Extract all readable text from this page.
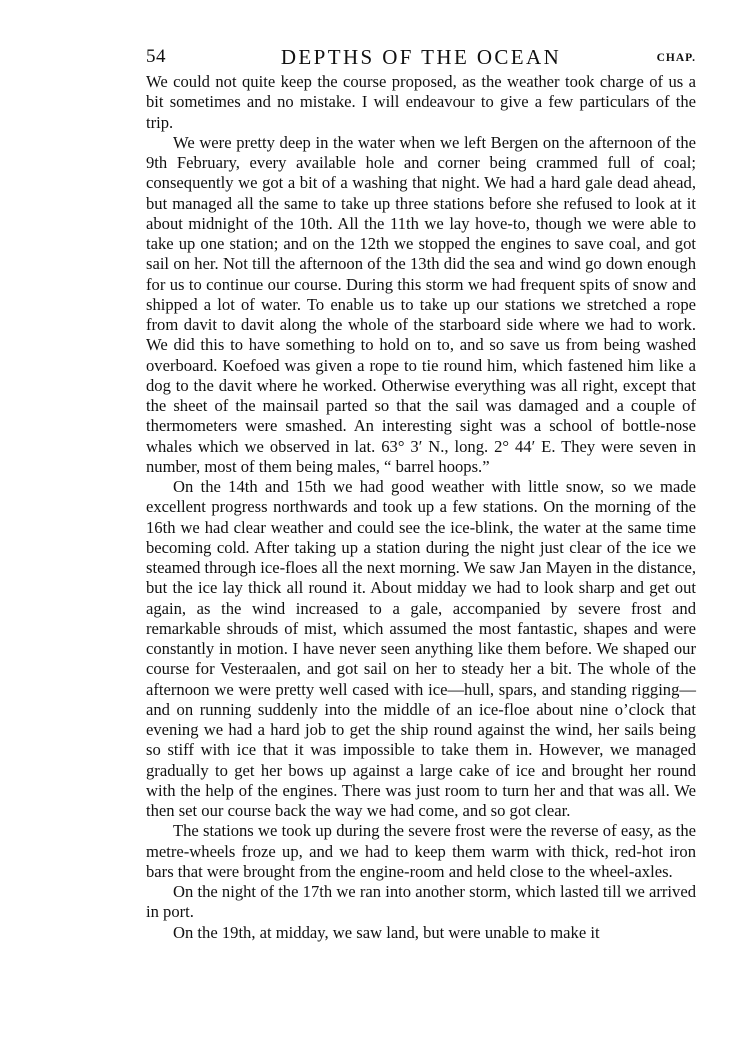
54	DEPTHS OF THE OCEAN	CHAP.

We could not quite keep the course proposed, as the weather took charge of us a bit sometimes and no mistake. I will endeavour to give a few particulars of the trip.

We were pretty deep in the water when we left Bergen on the afternoon of the 9th February, every available hole and corner being crammed full of coal; consequently we got a bit of a washing that night. We had a hard gale dead ahead, but managed all the same to take up three stations before she refused to look at it about midnight of the 10th. All the 11th we lay hove-to, though we were able to take up one station; and on the 12th we stopped the engines to save coal, and got sail on her. Not till the afternoon of the 13th did the sea and wind go down enough for us to continue our course. During this storm we had frequent spits of snow and shipped a lot of water. To enable us to take up our stations we stretched a rope from davit to davit along the whole of the starboard side where we had to work. We did this to have something to hold on to, and so save us from being washed overboard. Koefoed was given a rope to tie round him, which fastened him like a dog to the davit where he worked. Otherwise everything was all right, except that the sheet of the mainsail parted so that the sail was damaged and a couple of thermometers were smashed. An interesting sight was a school of bottle-nose whales which we observed in lat. 63° 3′ N., long. 2° 44′ E. They were seven in number, most of them being males, “ barrel hoops.”

On the 14th and 15th we had good weather with little snow, so we made excellent progress northwards and took up a few stations. On the morning of the 16th we had clear weather and could see the ice-blink, the water at the same time becoming cold. After taking up a station during the night just clear of the ice we steamed through ice-floes all the next morning. We saw Jan Mayen in the distance, but the ice lay thick all round it. About midday we had to look sharp and get out again, as the wind increased to a gale, accompanied by severe frost and remarkable shrouds of mist, which assumed the most fantastic, shapes and were constantly in motion. I have never seen anything like them before. We shaped our course for Vesteraalen, and got sail on her to steady her a bit. The whole of the afternoon we were pretty well cased with ice—hull, spars, and standing rigging—and on running suddenly into the middle of an ice-floe about nine o’clock that evening we had a hard job to get the ship round against the wind, her sails being so stiff with ice that it was impossible to take them in. However, we managed gradually to get her bows up against a large cake of ice and brought her round with the help of the engines. There was just room to turn her and that was all. We then set our course back the way we had come, and so got clear.

The stations we took up during the severe frost were the reverse of easy, as the metre-wheels froze up, and we had to keep them warm with thick, red-hot iron bars that were brought from the engine-room and held close to the wheel-axles.

On the night of the 17th we ran into another storm, which lasted till we arrived in port.

On the 19th, at midday, we saw land, but were unable to make it
